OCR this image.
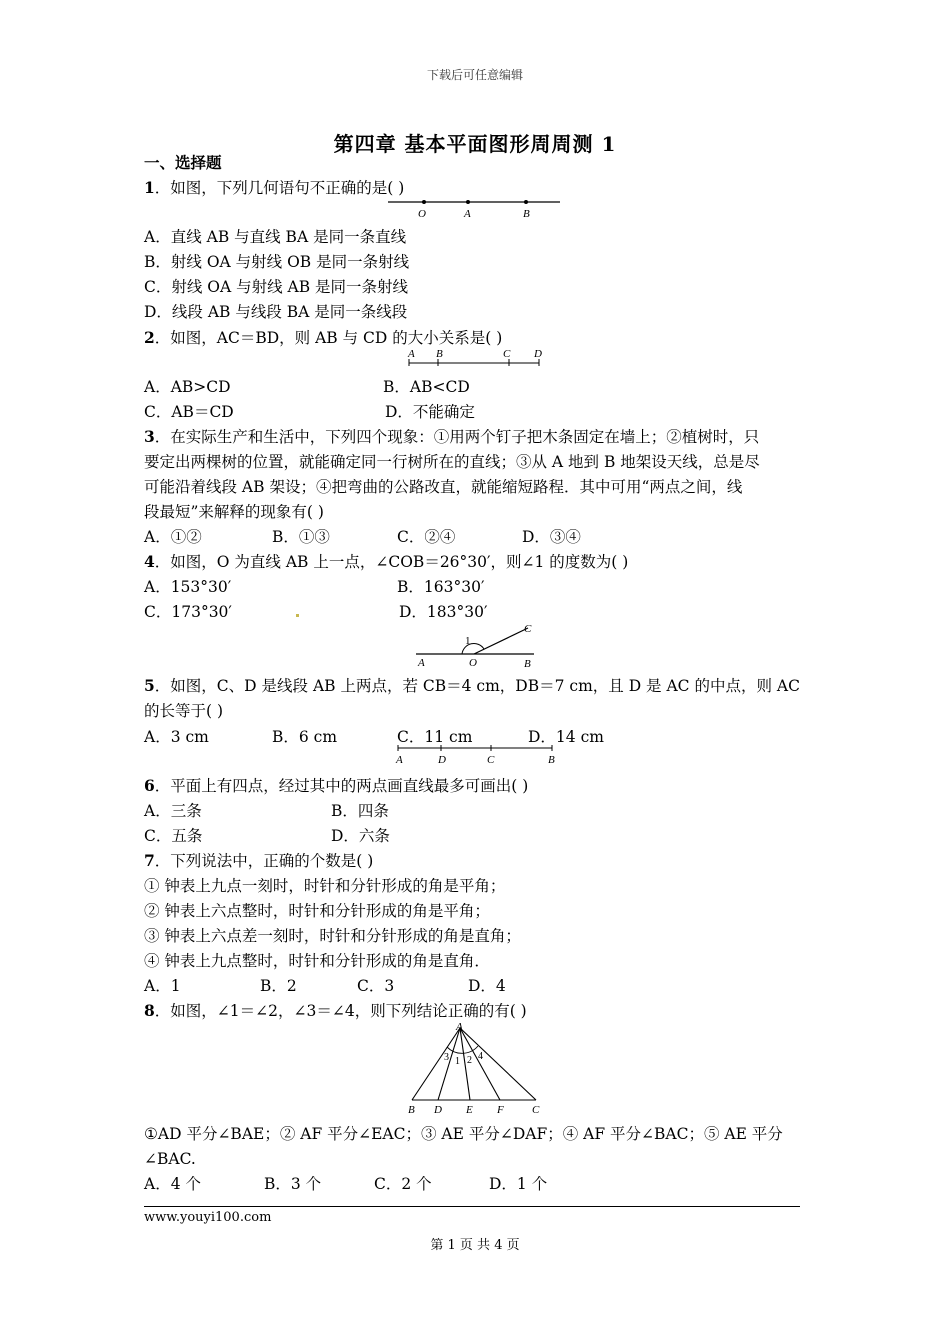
下载后可任意编辑
第四章 基本平面图形周周测 1
一、选择题
1．如图，下列几何语句不正确的是( )
O	A	B
A．直线 AB 与直线 BA 是同一条直线
B．射线 OA 与射线 OB 是同一条射线
C．射线 OA 与射线 AB 是同一条射线
D．线段 AB 与线段 BA 是同一条线段
2．如图，AC＝BD，则 AB 与 CD 的大小关系是( )
A B	C D
A．AB>CD	B．AB<CD
C．AB＝CD	D．不能确定
3．在实际生产和生活中，下列四个现象：①用两个钉子把木条固定在墙上；②植树时，只
要定出两棵树的位置，就能确定同一行树所在的直线；③从 A 地到 B 地架设天线，总是尽
可能沿着线段 AB 架设；④把弯曲的公路改直，就能缩短路程．其中可用“两点之间，线
段最短”来解释的现象有( )
A．①②	B．①③	C．②④	D．③④
4．如图，O 为直线 AB 上一点，∠COB＝26°30′，则∠1 的度数为( )
A．153°30′	B．163°30′
C．173°30′	D．183°30′
1
C
A	O	B
5．如图，C、D 是线段 AB 上两点，若 CB＝4 cm，DB＝7 cm，且 D 是 AC 的中点，则 AC
的长等于( )
A．3 cm	B．6 cm	C．11 cm	D．14 cm
A	D	C	B
6．平面上有四点，经过其中的两点画直线最多可画出( )
A．三条	B．四条
C．五条	D．六条
7．下列说法中，正确的个数是( )
① 钟表上九点一刻时，时针和分针形成的角是平角；
② 钟表上六点整时，时针和分针形成的角是平角；
③ 钟表上六点差一刻时，时针和分针形成的角是直角；
④ 钟表上九点整时，时针和分针形成的角是直角．
A．1	B．2	C．3	D．4
8．如图，∠1＝∠2，∠3＝∠4，则下列结论正确的有( )
A
3 1 2 4
B D E F	C
①AD 平分∠BAE；② AF 平分∠EAC；③ AE 平分∠DAF；④ AF 平分∠BAC；⑤ AE 平分
∠BAC.
A．4 个	B．3 个	C．2 个	D．1 个
www.youyi100.com
第 1 页 共 4 页
